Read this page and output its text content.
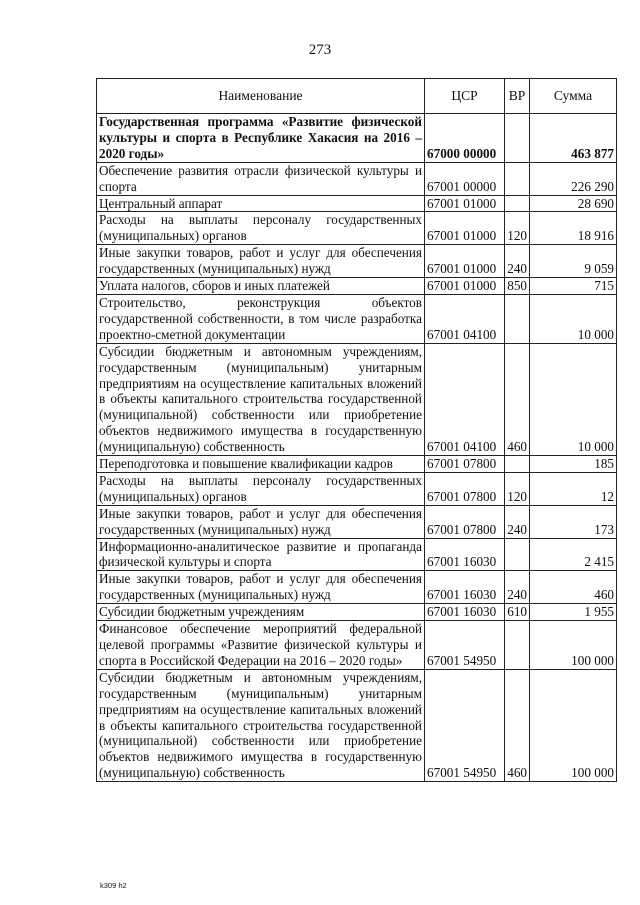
273
Наименование	ЦСР	ВР	Сумма
Государственная программа «Развитие физической культуры и спорта в Республике Хакасия на 2016 – 2020 годы»	67000 00000		463 877
Обеспечение развития отрасли физической культуры и спорта	67001 00000		226 290
Центральный аппарат	67001 01000		28 690
Расходы на выплаты персоналу государственных (муниципальных) органов	67001 01000	120	18 916
Иные закупки товаров, работ и услуг для обеспечения государственных (муниципальных) нужд	67001 01000	240	9 059
Уплата налогов, сборов и иных платежей	67001 01000	850	715
Строительство, реконструкция объектов государственной собственности, в том числе разработка проектно-сметной документации	67001 04100		10 000
Субсидии бюджетным и автономным учреждениям, государственным (муниципальным) унитарным предприятиям на осуществление капитальных вложений в объекты капитального строительства государственной (муниципальной) собственности или приобретение объектов недвижимого имущества в государственную (муниципальную) собственность	67001 04100	460	10 000
Переподготовка и повышение квалификации кадров	67001 07800		185
Расходы на выплаты персоналу государственных (муниципальных) органов	67001 07800	120	12
Иные закупки товаров, работ и услуг для обеспечения государственных (муниципальных) нужд	67001 07800	240	173
Информационно-аналитическое развитие и пропаганда физической культуры и спорта	67001 16030		2 415
Иные закупки товаров, работ и услуг для обеспечения государственных (муниципальных) нужд	67001 16030	240	460
Субсидии бюджетным учреждениям	67001 16030	610	1 955
Финансовое обеспечение мероприятий федеральной целевой программы «Развитие физической культуры и спорта в Российской Федерации на 2016 – 2020 годы»	67001 54950		100 000
Субсидии бюджетным и автономным учреждениям, государственным (муниципальным) унитарным предприятиям на осуществление капитальных вложений в объекты капитального строительства государственной (муниципальной) собственности или приобретение объектов недвижимого имущества в государственную (муниципальную) собственность	67001 54950	460	100 000
k309 h2
